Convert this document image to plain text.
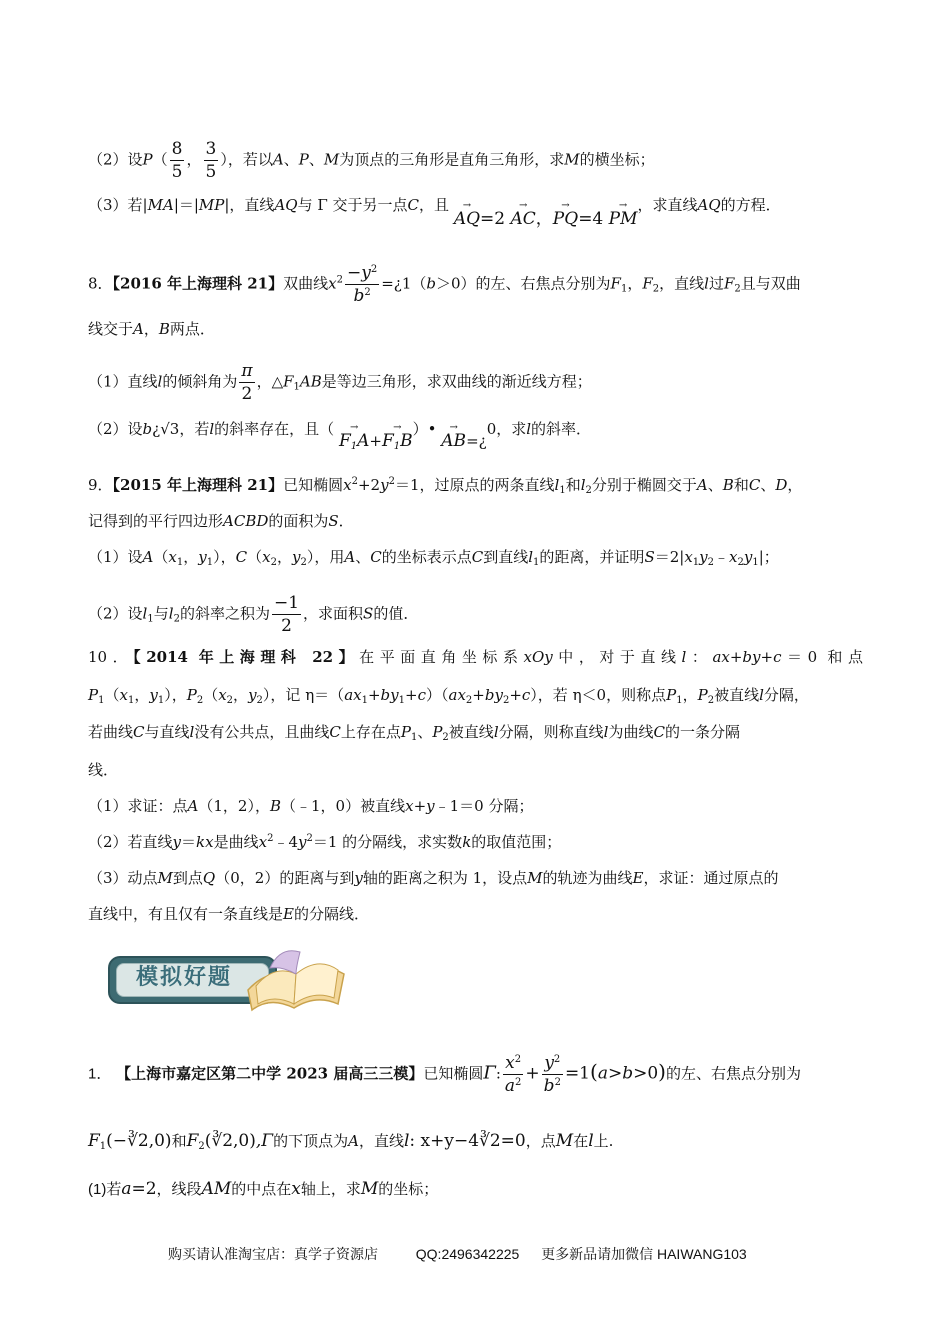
（2）设$P( \frac{8}{5}$ ， $\frac{3}{5}$ ），若以A、P、M为顶点的三角形是直角三角形，求M的横坐标；
（3）若|MA|＝|MP|，直线AQ与 Γ 交于另一点C，且 → AQ=2 → AC，→ PQ=4 → PM，求直线AQ的方程．
8．【2016 年上海理科 21】双曲线$x^2 \frac{-y^2}{b^2}$ =¿1（b＞0）的左、右焦点分别为$F_1$，$F_2$，直线l过$F_2$且与双曲
线交于A，B两点．
（1）直线l的倾斜角为 $\frac{\pi}{2}$ ，$\triangle F_1AB$是等边三角形，求双曲线的渐近线方程；
（2）设b¿√3，若l的斜率存在，且（ → $F_1A+\to$ $F_1B)•$ → AB=¿0，求l的斜率．
9．【2015 年上海理科 21】已知椭圆$x^2+2y^2=1$，过原点的两条直线$l_1$和$l_2$分别于椭圆交于A、B和C、D，
记得到的平行四边形ACBD的面积为S．
（1）设$A(x_1$，$y_1$），$C(x_2$，$y_2$），用A、C的坐标表示点C到直线$l_1$的距离，并证明$S=2|x_1y_2﹣x_2y_1|$；
（2）设$l_1$与$l_2$的斜率之积为 $\frac{-1}{2}$ ，求面积S的值．
10．【2014 年上海理科 22】在平面直角坐标系xOy中，对于直线l：ax+by+c＝0 和点
$P_1(x_1$，$y_1$），$P_2(x_2$，$y_2$），记 $\eta=(ax_1+by_1+c)(ax_2+by_2+c)$，若 η＜0，则称点$P_1$，$P_2$被直线l分隔，
若曲线C与直线l没有公共点，且曲线C上存在点$P_1$、$P_2$被直线l分隔，则称直线l为曲线C的一条分隔
线．
（1）求证：点A（1，2），B（﹣1，0）被直线x+y﹣1＝0 分隔；
（2）若直线y＝kx是曲线$x^2﹣4y^2=1$ 的分隔线，求实数k的取值范围；
（3）动点M到点Q（0，2）的距离与到y轴的距离之积为 1，设点M的轨迹为曲线E，求证：通过原点的
直线中，有且仅有一条直线是E的分隔线．
模拟好题
1． 【上海市嘉定区第二中学 2023 届高三三模】已知椭圆Γ: $\frac{x^2}{a^2} + \frac{y^2}{b^2} =1(a>b>0)$的左、右焦点分别为
$F_1(-∛2,0)$和$F_2(∛2,0),\Gamma$的下顶点为A，直线l: x+y−4∛2=0，点M在l上.
(1)若a=2，线段AM的中点在x轴上，求M的坐标；
购买请认准淘宝店：真学子资源店	QQ:2496342225 更多新品请加微信 HAIWANG103
